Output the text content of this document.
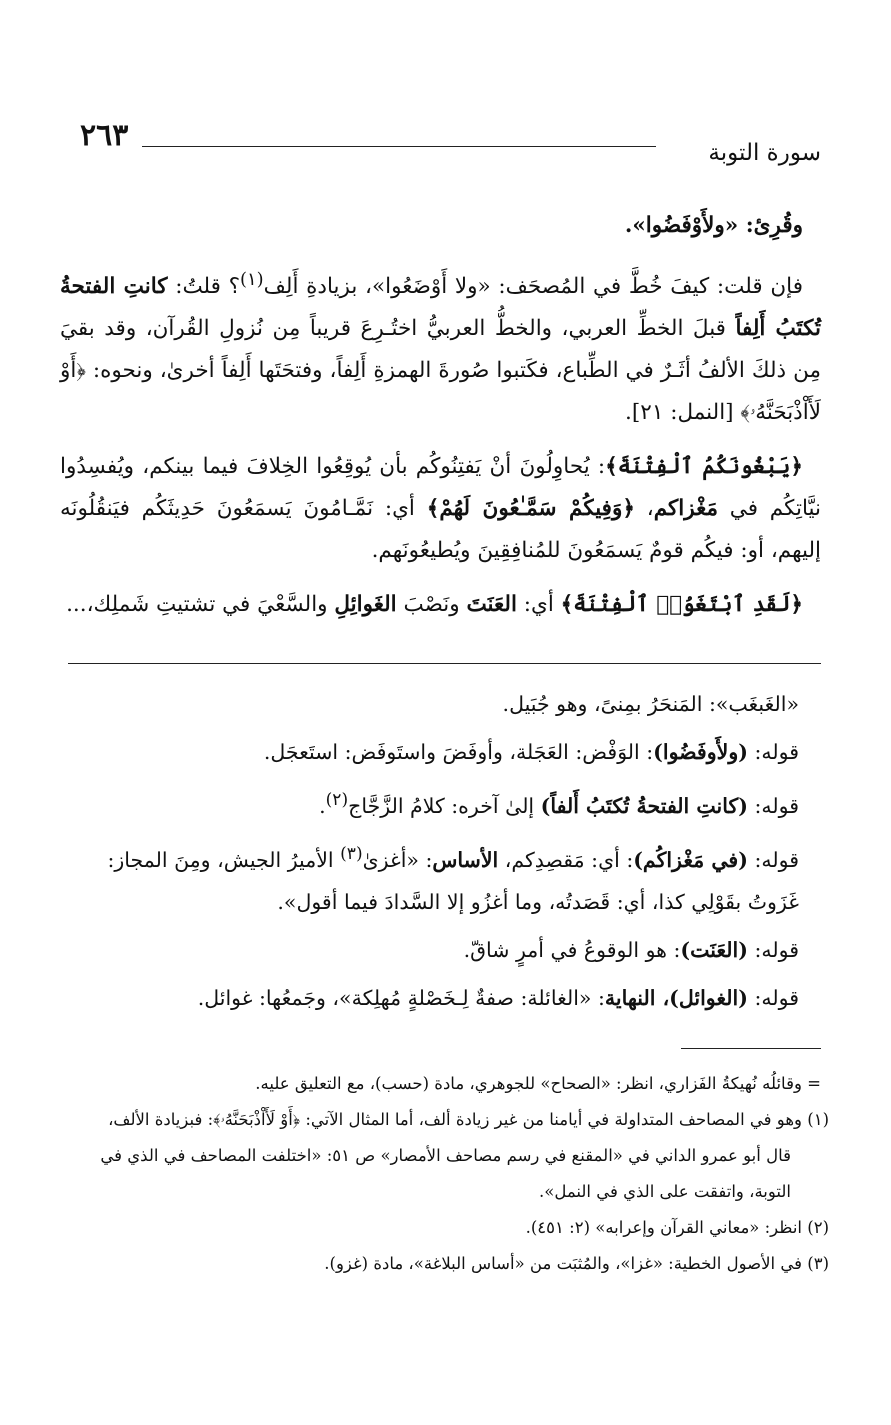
٢٦٣	سورة التوبة

وقُرِئ: «ولأَوْفَضُوا».

فإن قلت: كيفَ خُطَّ في المُصحَف: «ولا أَوْضَعُوا»، بزيادةِ أَلِف$^{(١)}$؟ قلتُ: كانتِ الفتحةُ تُكتَبُ أَلِفاً قبلَ الخطِّ العربي، والخطُّ العربيُّ اختُـرِعَ قريباً مِن نُزولِ القُرآن، وقد بقيَ مِن ذلكَ الألفُ أثَـرٌ في الطِّباع، فكَتبوا صُورةَ الهمزةِ أَلِفاً، وفتحَتَها أَلِفاً أخرىٰ، ونحوه: ﴿أَوْ لَأَاْذْبَحَنَّهُۥ﴾ [النمل: ٢١].

﴿يَبْغُونَكُمُ ٱلْفِتْنَةَ﴾: يُحاوِلُونَ أنْ يَفتِنُوكُم بأن يُوقِعُوا الخِلافَ فيما بينكم، ويُفسِدُوا نيَّاتِكُم في مَغْزاكم، ﴿وَفِيكُمْ سَمَّـٰعُونَ لَهُمْ﴾ أي: نَمَّـامُونَ يَسمَعُونَ حَدِيثَكُم فيَنقُلُونَه إليهم، أو: فيكُم قومٌ يَسمَعُونَ للمُنافِقِينَ ويُطيعُونَهم.

﴿لَقَدِ ٱبْتَغَوُا۟ ٱلْفِتْنَةَ﴾ أي: العَنَتَ ونَصْبَ الغَوائِلِ والسَّعْيَ في تشتيتِ شَملِك،...

«الغَبغَب»: المَنحَرُ بمِنىً، وهو جُبَيل.

قوله: (ولأَوفَضُوا): الوَفْض: العَجَلة، وأوفَضَ واستَوفَض: استَعجَل.

قوله: (كانتِ الفتحةُ تُكتَبُ أَلفاً) إلىٰ آخره: كلامُ الزَّجَّاج$^{(٢)}$.

قوله: (في مَغْزاكُم): أي: مَقصِدِكم، الأساس: «أغزىٰ$^{(٣)}$ الأميرُ الجيش، ومِنَ المجاز: غَزَوتُ بقَوْلِي كذا، أي: قَصَدتُه، وما أغزُو إلا السَّدادَ فيما أقول».

قوله: (العَنَت): هو الوقوعُ في أمرٍ شاقّ.

قوله: (الغوائل)، النهاية: «الغائلة: صفةٌ لِـخَصْلةٍ مُهلِكة»، وجَمعُها: غوائل.

= وقائلُه نُهيكةُ الفَزاري، انظر: «الصحاح» للجوهري، مادة (حسب)، مع التعليق عليه.

(١) وهو في المصاحف المتداولة في أيامنا من غير زيادة ألف، أما المثال الآتي: ﴿أَوْ لَأَاْذْبَحَنَّهُۥ﴾: فبزيادة الألف،

قال أبو عمرو الداني في «المقنع في رسم مصاحف الأمصار» ص ٥١: «اختلفت المصاحف في الذي في

التوبة، واتفقت على الذي في النمل».

(٢) انظر: «معاني القرآن وإعرابه» (٢: ٤٥١).

(٣) في الأصول الخطية: «غزا»، والمُثبَت من «أساس البلاغة»، مادة (غزو).
